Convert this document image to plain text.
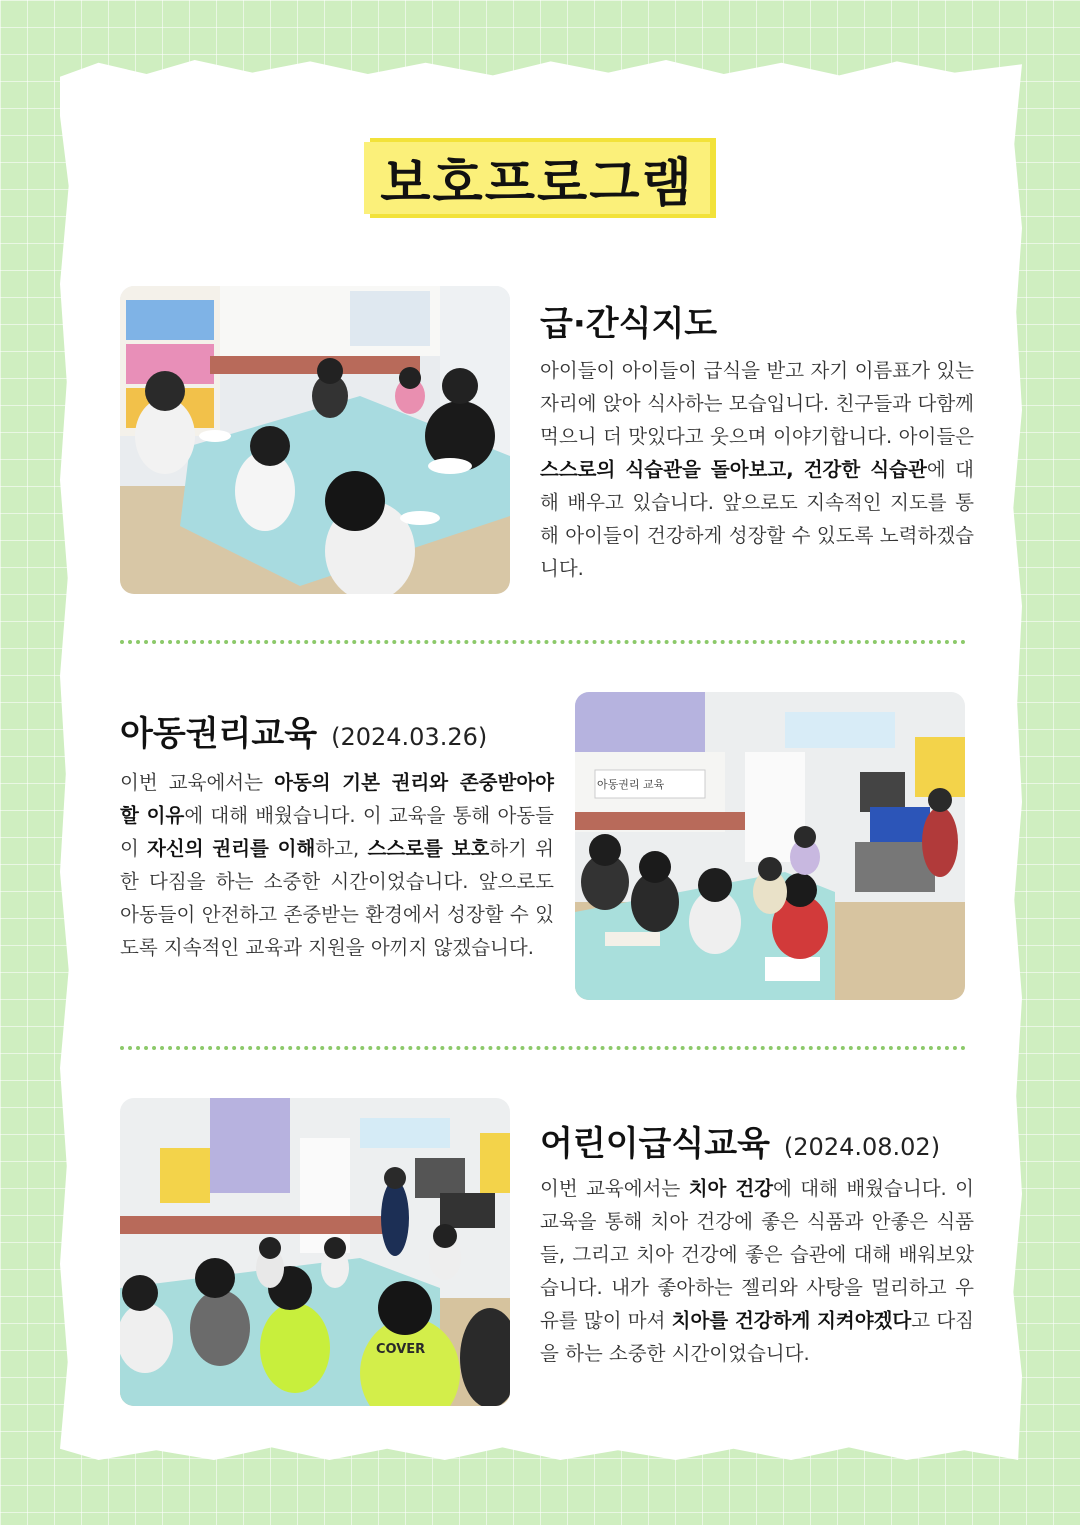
보호프로그램
급·간식지도
아이들이 아이들이 급식을 받고 자기 이름표가 있는 자리에 앉아 식사하는 모습입니다. 친구들과 다함께 먹으니 더 맛있다고 웃으며 이야기합니다. 아이들은 스스로의 식습관을 돌아보고, 건강한 식습관에 대해 배우고 있습니다. 앞으로도 지속적인 지도를 통해 아이들이 건강하게 성장할 수 있도록 노력하겠습니다.
아동권리교육 (2024.03.26)
이번 교육에서는 아동의 기본 권리와 존중받아야 할 이유에 대해 배웠습니다. 이 교육을 통해 아동들이 자신의 권리를 이해하고, 스스로를 보호하기 위한 다짐을 하는 소중한 시간이었습니다. 앞으로도 아동들이 안전하고 존중받는 환경에서 성장할 수 있도록 지속적인 교육과 지원을 아끼지 않겠습니다.
아동권리 교육
COVER
어린이급식교육 (2024.08.02)
이번 교육에서는 치아 건강에 대해 배웠습니다. 이 교육을 통해 치아 건강에 좋은 식품과 안좋은 식품들, 그리고 치아 건강에 좋은 습관에 대해 배워보았습니다. 내가 좋아하는 젤리와 사탕을 멀리하고 우유를 많이 마셔 치아를 건강하게 지켜야겠다고 다짐을 하는 소중한 시간이었습니다.
